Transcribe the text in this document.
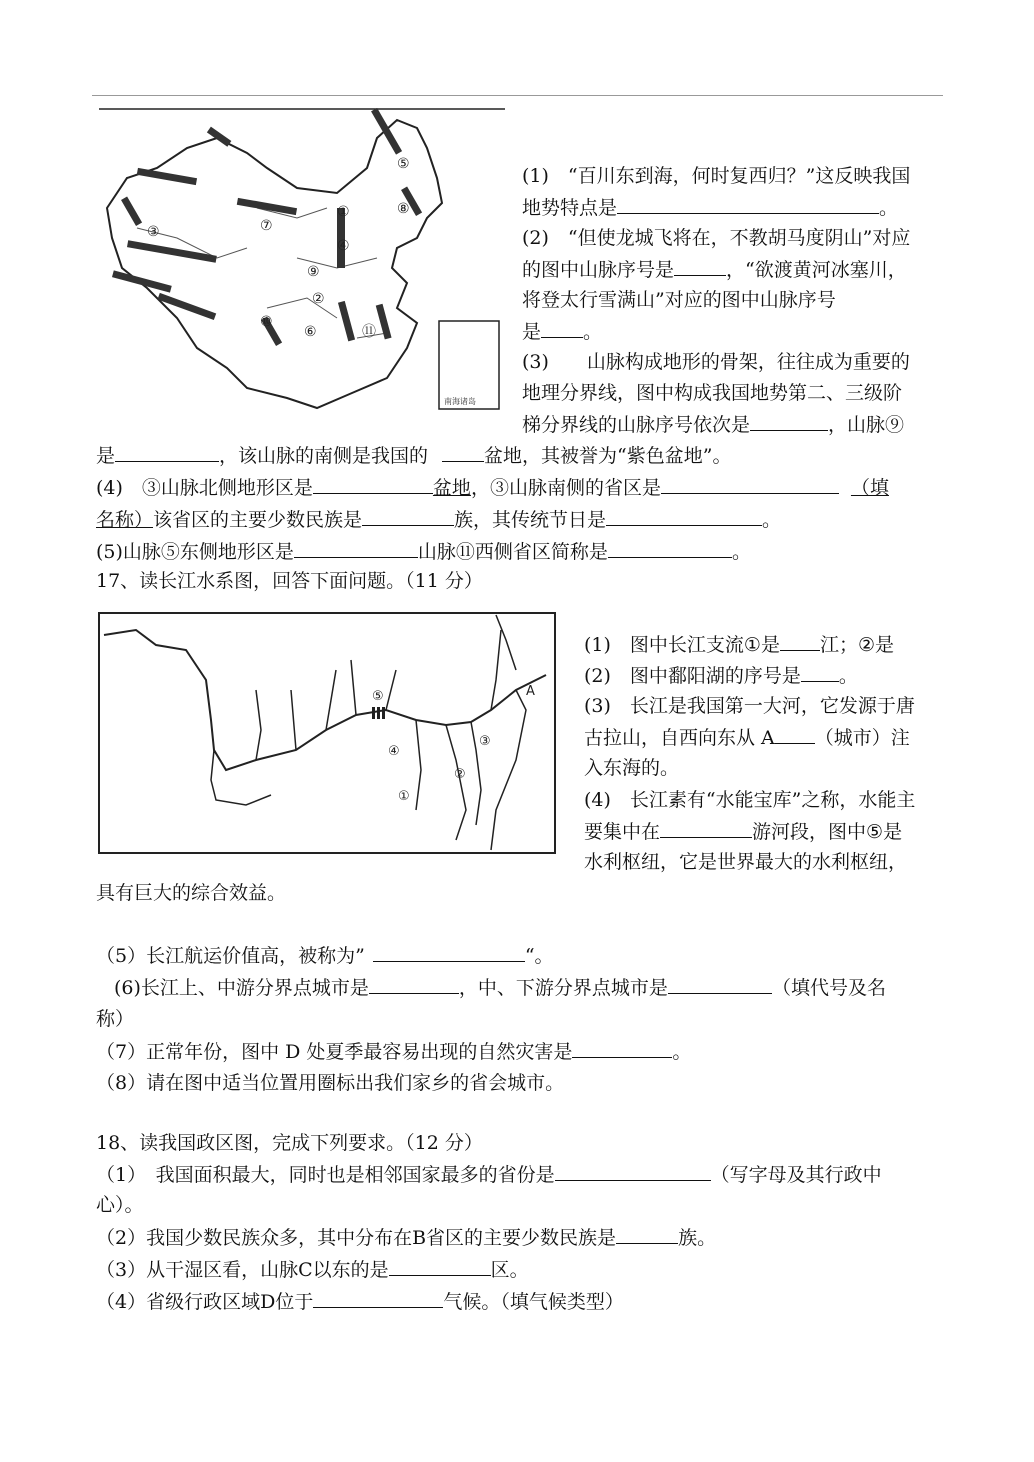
①
②
③
④
⑤
⑥
⑦
⑧
⑨
⑩
⑪
南海诸岛
(1)　“百川东到海，何时复西归？”这反映我国
地势特点是	。
(2)　“但使龙城飞将在，不教胡马度阴山”对应
的图中山脉序号是	，“欲渡黄河冰塞川，
将登太行雪满山”对应的图中山脉序号
是 。
(3)　　山脉构成地形的骨架，往往成为重要的
地理分界线，图中构成我国地势第二、三级阶
梯分界线的山脉序号依次是	，山脉⑨
是	，该山脉的南侧是我国的	盆地，其被誉为“紫色盆地”。
(4)　③山脉北侧地形区是	盆地，③山脉南侧的省区是	（填
名称）该省区的主要少数民族是	族，其传统节日是	。
(5)山脉⑤东侧地形区是	山脉⑪西侧省区简称是	。
17、读长江水系图，回答下面问题。（11 分）
⑤
④
③
②
①
A
(1)　图中长江支流①是 江；②是
(2)　图中鄱阳湖的序号是 。
(3)　长江是我国第一大河，它发源于唐
古拉山，自西向东从 A （城市）注
入东海的。
(4)　长江素有“水能宝库”之称，水能主
要集中在	游河段，图中⑤是
水利枢纽，它是世界最大的水利枢纽，
具有巨大的综合效益。
（5）长江航运价值高，被称为”	“。
(6)长江上、中游分界点城市是	，中、下游分界点城市是	（填代号及名
称）
（7）正常年份，图中 D 处夏季最容易出现的自然灾害是	。
（8）请在图中适当位置用圈标出我们家乡的省会城市。
18、读我国政区图，完成下列要求。（12 分）
（1）　我国面积最大，同时也是相邻国家最多的省份是	（写字母及其行政中
心）。
（2）我国少数民族众多，其中分布在B省区的主要少数民族是	族。
（3）从干湿区看，山脉C以东的是	区。
（4）省级行政区域D位于	气候。（填气候类型）
